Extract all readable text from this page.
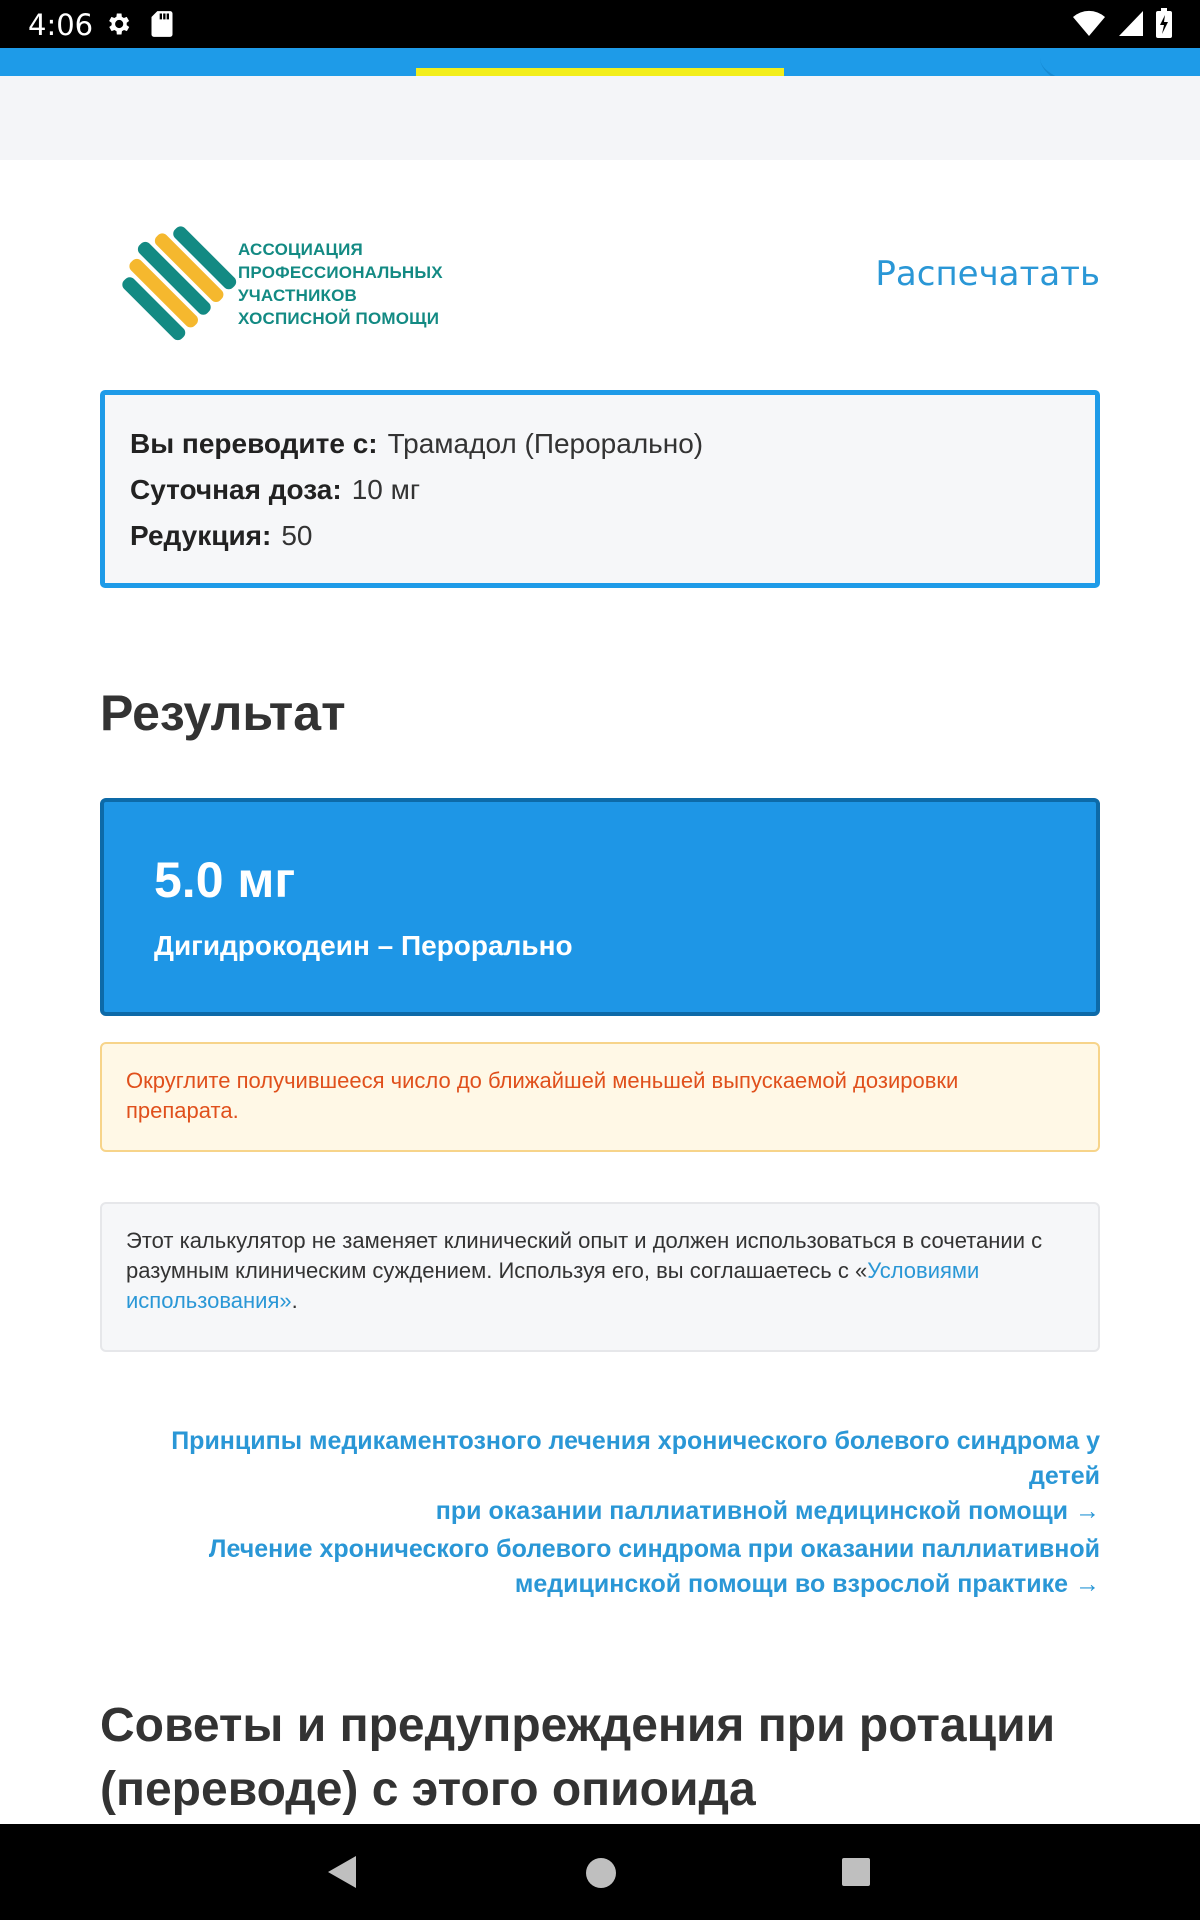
4:06
АССОЦИАЦИЯ
ПРОФЕССИОНАЛЬНЫХ
УЧАСТНИКОВ
ХОСПИСНОЙ ПОМОЩИ
Распечатать
Вы переводите с: Трамадол (Перорально)
Суточная доза: 10 мг
Редукция: 50
Результат
5.0 мг
Дигидрокодеин – Перорально
Округлите получившееся число до ближайшей меньшей выпускаемой дозировки препарата.
Этот калькулятор не заменяет клинический опыт и должен использоваться в сочетании с разумным клиническим суждением. Используя его, вы соглашаетесь с «Условиями использования».
Принципы медикаментозного лечения хронического болевого синдрома у детей
при оказании паллиативной медицинской помощи →
Лечение хронического болевого синдрома при оказании паллиативной
медицинской помощи во взрослой практике →
Советы и предупреждения при ротации (переводе) с этого опиоида
